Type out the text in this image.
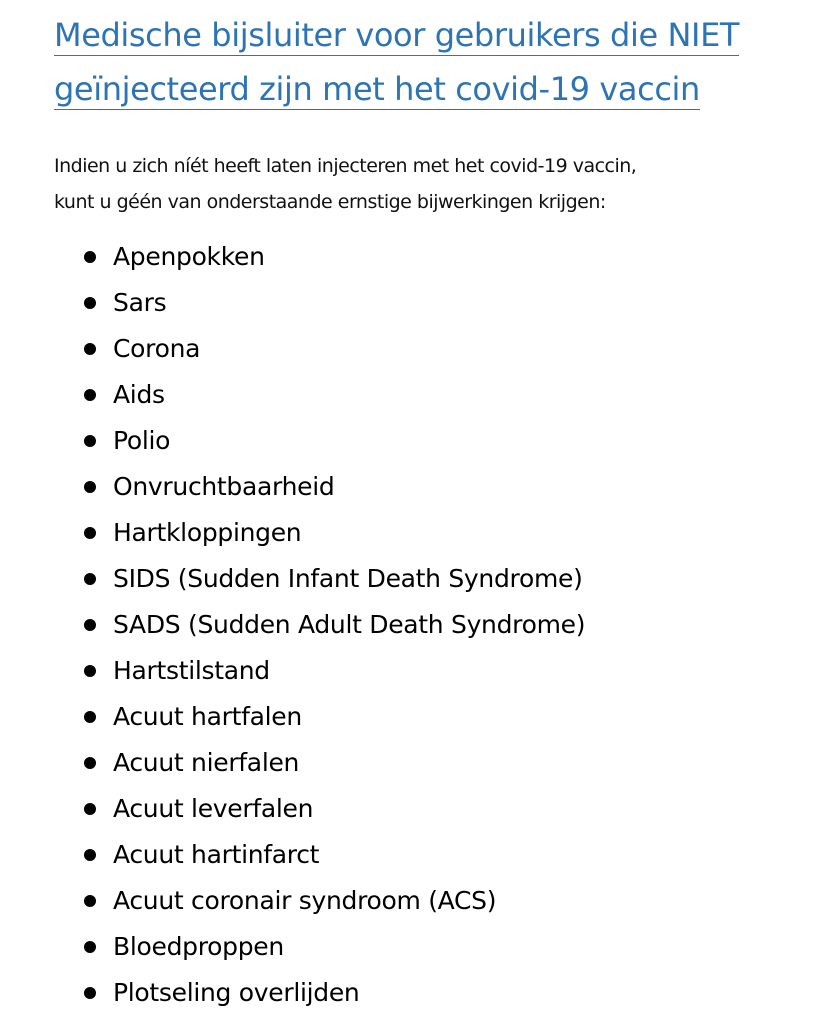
Medische bijsluiter voor gebruikers die NIET
geïnjecteerd zijn met het covid-19 vaccin

Indien u zich níét heeft laten injecteren met het covid-19 vaccin,
kunt u géén van onderstaande ernstige bijwerkingen krijgen:

Apenpokken
Sars
Corona
Aids
Polio
Onvruchtbaarheid
Hartkloppingen
SIDS (Sudden Infant Death Syndrome)
SADS (Sudden Adult Death Syndrome)
Hartstilstand
Acuut hartfalen
Acuut nierfalen
Acuut leverfalen
Acuut hartinfarct
Acuut coronair syndroom (ACS)
Bloedproppen
Plotseling overlijden
